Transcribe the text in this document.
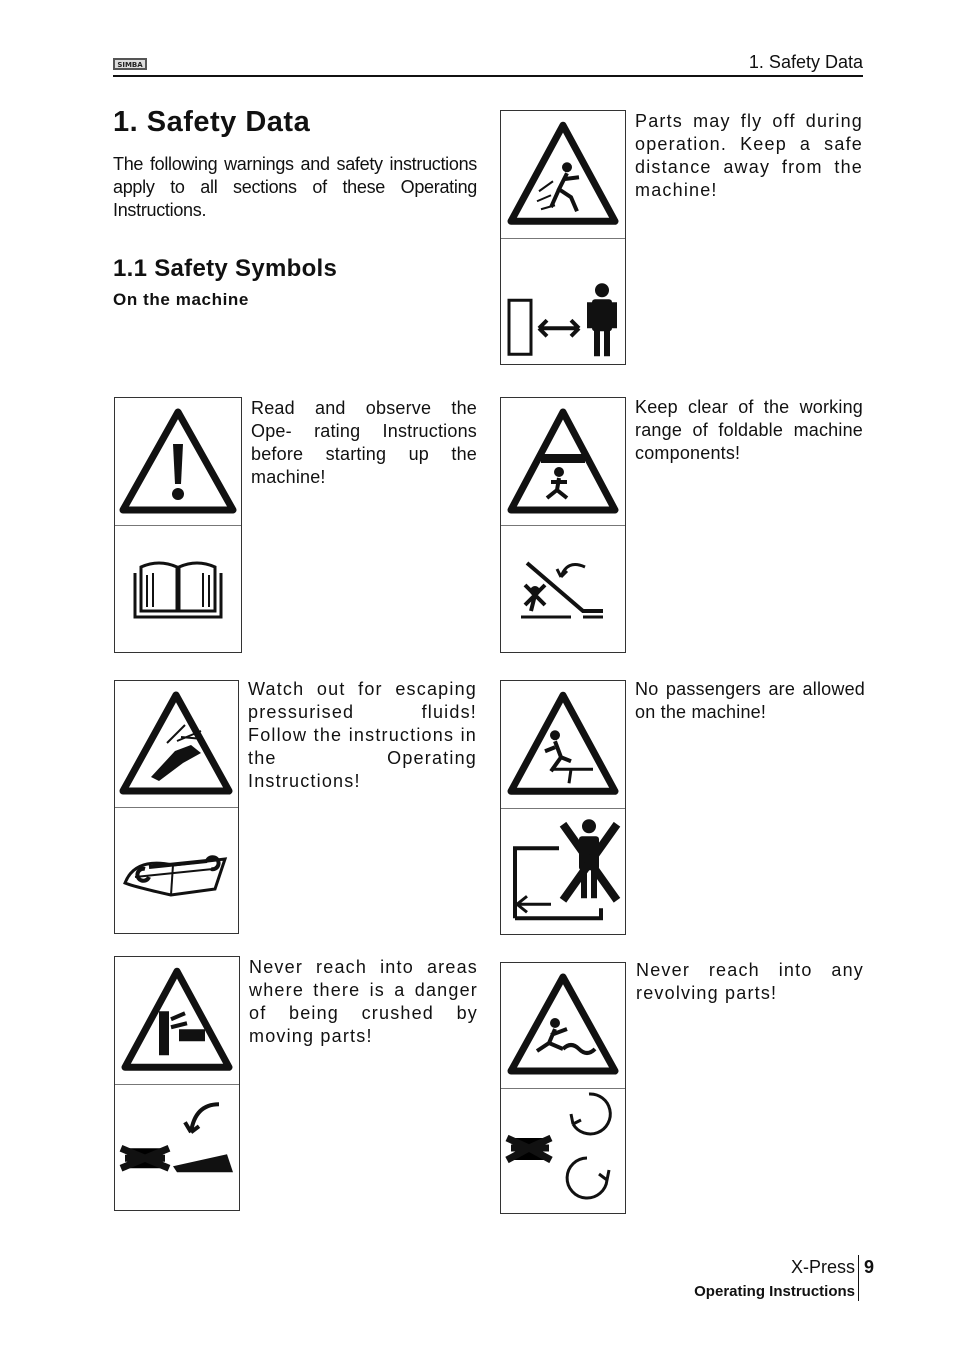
SIMBA	1. Safety Data
1. Safety Data
The following warnings and safety instructions apply to all sections of these Operating Instructions.
1.1 Safety Symbols
On the machine
Parts may fly off during operation. Keep a safe distance away from the machine!
Read and observe the Ope- rating Instructions before starting up the machine!
Keep clear of the working range of foldable machine components!
Watch out for escaping pressurised fluids! Follow the instructions in the Operating Instructions!
No passengers are allowed on the machine!
Never reach into areas where there is a danger of being crushed by moving parts!
Never reach into any revolving parts!
X-Press 9
Operating Instructions
